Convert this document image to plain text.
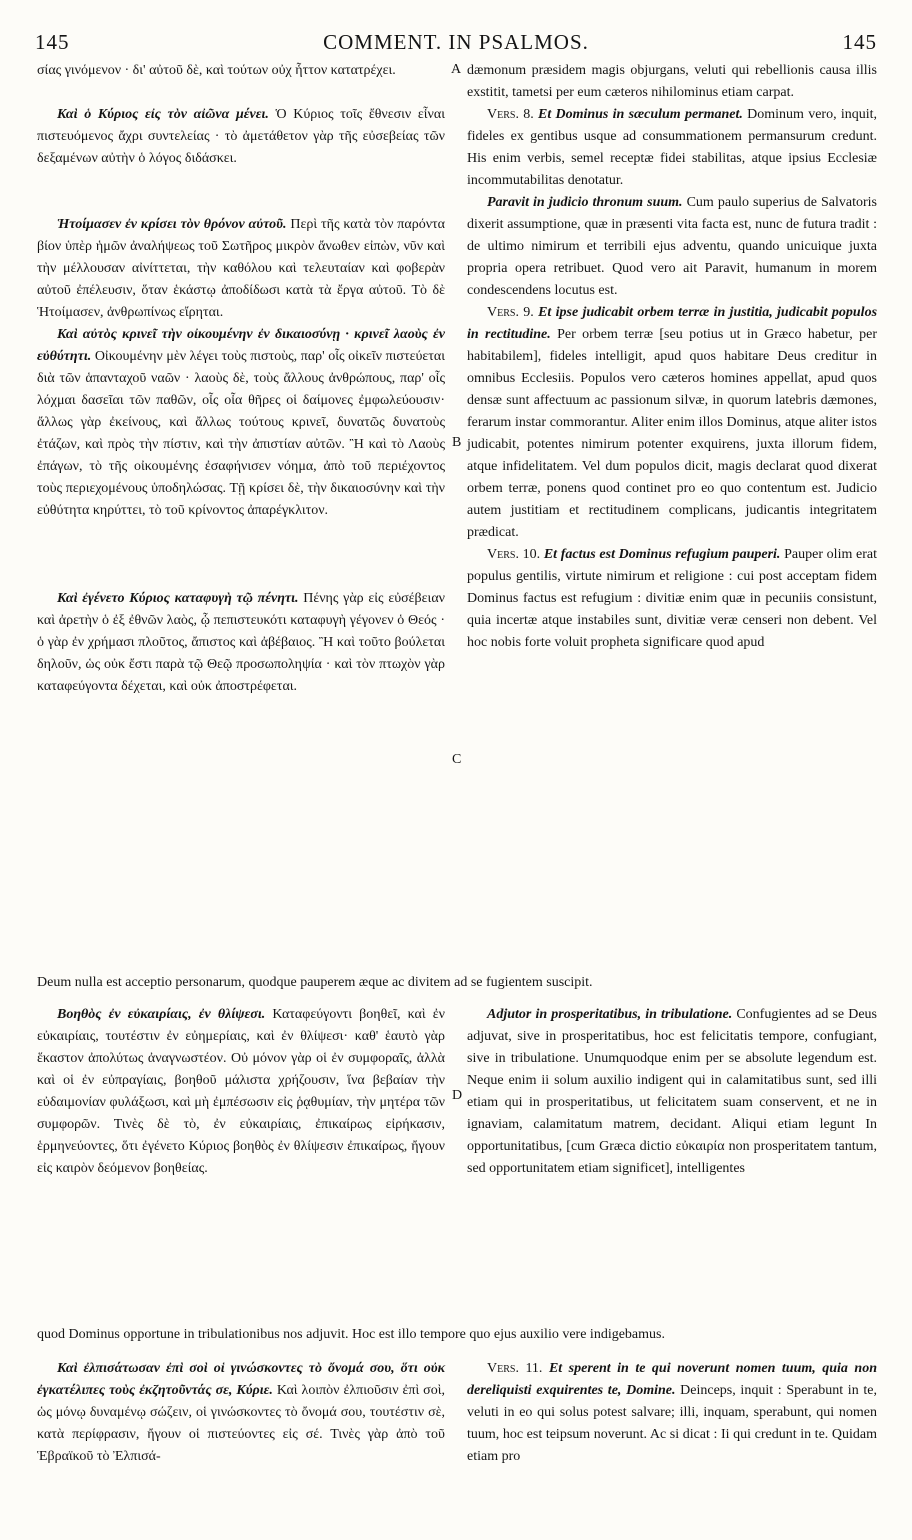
145	COMMENT. IN PSALMOS.	145
A
B
C
D

σίας γινόμενον · δι' αὐτοῦ δὲ, καὶ τούτων οὐχ ἧττον κατατρέχει.

Καὶ ὁ Κύριος εἰς τὸν αἰῶνα μένει. Ὁ Κύριος τοῖς ἔθνεσιν εἶναι πιστευόμενος ἄχρι συντελείας · τὸ ἀμετάθετον γὰρ τῆς εὐσεβείας τῶν δεξαμένων αὐτὴν ὁ λόγος διδάσκει.

Ἡτοίμασεν ἐν κρίσει τὸν θρόνον αὐτοῦ. Περὶ τῆς κατὰ τὸν παρόντα βίον ὑπὲρ ἡμῶν ἀναλήψεως τοῦ Σωτῆρος μικρὸν ἄνωθεν εἰπὼν, νῦν καὶ τὴν μέλλουσαν αἰνίττεται, τὴν καθόλου καὶ τελευταίαν καὶ φοβερὰν αὐτοῦ ἐπέλευσιν, ὅταν ἑκάστῳ ἀποδίδωσι κατὰ τὰ ἔργα αὐτοῦ. Τὸ δὲ Ἡτοίμασεν, ἀνθρωπίνως εἴρηται.

Καὶ αὐτὸς κρινεῖ τὴν οἰκουμένην ἐν δικαιοσύνῃ · κρινεῖ λαοὺς ἐν εὐθύτητι. Οἰκουμένην μὲν λέγει τοὺς πιστοὺς, παρ' οἷς οἰκεῖν πιστεύεται διὰ τῶν ἁπανταχοῦ ναῶν · λαοὺς δὲ, τοὺς ἄλλους ἀνθρώπους, παρ' οἷς λόχμαι δασεῖαι τῶν παθῶν, οἷς οἷα θῆρες οἱ δαίμονες ἐμφωλεύουσιν· ἄλλως γὰρ ἐκείνους, καὶ ἄλλως τούτους κρινεῖ, δυνατῶς δυνατοὺς ἐτάζων, καὶ πρὸς τὴν πίστιν, καὶ τὴν ἀπιστίαν αὐτῶν. Ἢ καὶ τὸ Λαοὺς ἐπάγων, τὸ τῆς οἰκουμένης ἐσαφήνισεν νόημα, ἀπὸ τοῦ περιέχοντος τοὺς περιεχομένους ὑποδηλώσας. Τῇ κρίσει δὲ, τὴν δικαιοσύνην καὶ τὴν εὐθύτητα κηρύττει, τὸ τοῦ κρίνοντος ἀπαρέγκλιτον.

Καὶ ἐγένετο Κύριος καταφυγὴ τῷ πένητι. Πένης γὰρ εἰς εὐσέβειαν καὶ ἀρετὴν ὁ ἐξ ἐθνῶν λαὸς, ᾧ πεπιστευκότι καταφυγὴ γέγονεν ὁ Θεός · ὁ γὰρ ἐν χρήμασι πλοῦτος, ἄπιστος καὶ ἀβέβαιος. Ἢ καὶ τοῦτο βούλεται δηλοῦν, ὡς οὐκ ἔστι παρὰ τῷ Θεῷ προσωποληψία · καὶ τὸν πτωχὸν γὰρ καταφεύγοντα δέχεται, καὶ οὐκ ἀποστρέφεται.

dæmonum præsidem magis objurgans, veluti qui rebellionis causa illis exstitit, tametsi per eum cæteros nihilominus etiam carpat.

Vers. 8. Et Dominus in sæculum permanet. Dominum vero, inquit, fideles ex gentibus usque ad consummationem permansurum credunt. His enim verbis, semel receptæ fidei stabilitas, atque ipsius Ecclesiæ incommutabilitas denotatur.

Paravit in judicio thronum suum. Cum paulo superius de Salvatoris dixerit assumptione, quæ in præsenti vita facta est, nunc de futura tradit : de ultimo nimirum et terribili ejus adventu, quando unicuique juxta propria opera retribuet. Quod vero ait Paravit, humanum in morem condescendens locutus est.

Vers. 9. Et ipse judicabit orbem terræ in justitia, judicabit populos in rectitudine. Per orbem terræ [seu potius ut in Græco habetur, per habitabilem], fideles intelligit, apud quos habitare Deus creditur in omnibus Ecclesiis. Populos vero cæteros homines appellat, apud quos densæ sunt affectuum ac passionum silvæ, in quorum latebris dæmones, ferarum instar commorantur. Aliter enim illos Dominus, atque aliter istos judicabit, potentes nimirum potenter exquirens, juxta illorum fidem, atque infidelitatem. Vel dum populos dicit, magis declarat quod dixerat orbem terræ, ponens quod continet pro eo quo contentum est. Judicio autem justitiam et rectitudinem complicans, judicantis integritatem prædicat.

Vers. 10. Et factus est Dominus refugium pauperi. Pauper olim erat populus gentilis, virtute nimirum et religione : cui post acceptam fidem Dominus factus est refugium : divitiæ enim quæ in pecuniis consistunt, quia incertæ atque instabiles sunt, divitiæ veræ censeri non debent. Vel hoc nobis forte voluit propheta significare quod apud

Deum nulla est acceptio personarum, quodque pauperem æque ac divitem ad se fugientem suscipit.

Βοηθὸς ἐν εὐκαιρίαις, ἐν θλίψεσι. Καταφεύγοντι βοηθεῖ, καὶ ἐν εὐκαιρίαις, τουτέστιν ἐν εὐημερίαις, καὶ ἐν θλίψεσι· καθ' ἑαυτὸ γὰρ ἕκαστον ἀπολύτως ἀναγνωστέον. Οὐ μόνον γὰρ οἱ ἐν συμφοραῖς, ἀλλὰ καὶ οἱ ἐν εὐπραγίαις, βοηθοῦ μάλιστα χρήζουσιν, ἵνα βεβαίαν τὴν εὐδαιμονίαν φυλάξωσι, καὶ μὴ ἐμπέσωσιν εἰς ῥᾳθυμίαν, τὴν μητέρα τῶν συμφορῶν. Τινὲς δὲ τὸ, ἐν εὐκαιρίαις, ἐπικαίρως εἰρήκασιν, ἑρμηνεύοντες, ὅτι ἐγένετο Κύριος βοηθὸς ἐν θλίψεσιν ἐπικαίρως, ἤγουν εἰς καιρὸν δεόμενον βοηθείας.

Adjutor in prosperitatibus, in tribulatione. Confugientes ad se Deus adjuvat, sive in prosperitatibus, hoc est felicitatis tempore, confugiant, sive in tribulatione. Unumquodque enim per se absolute legendum est. Neque enim ii solum auxilio indigent qui in calamitatibus sunt, sed illi etiam qui in prosperitatibus, ut felicitatem suam conservent, et ne in ignaviam, calamitatum matrem, decidant. Aliqui etiam legunt In opportunitatibus, [cum Græca dictio εὐκαιρία non prosperitatem tantum, sed opportunitatem etiam significet], intelligentes

quod Dominus opportune in tribulationibus nos adjuvit. Hoc est illo tempore quo ejus auxilio vere indigebamus.

Καὶ ἐλπισάτωσαν ἐπὶ σοὶ οἱ γινώσκοντες τὸ ὄνομά σου, ὅτι οὐκ ἐγκατέλιπες τοὺς ἐκζητοῦντάς σε, Κύριε. Καὶ λοιπὸν ἐλπιοῦσιν ἐπὶ σοὶ, ὡς μόνῳ δυναμένῳ σώζειν, οἱ γινώσκοντες τὸ ὄνομά σου, τουτέστιν σὲ, κατὰ περίφρασιν, ἤγουν οἱ πιστεύοντες εἰς σέ. Τινὲς γὰρ ἀπὸ τοῦ Ἑβραϊκοῦ τὸ Ἐλπισά-

Vers. 11. Et sperent in te qui noverunt nomen tuum, quia non dereliquisti exquirentes te, Domine. Deinceps, inquit : Sperabunt in te, veluti in eo qui solus potest salvare; illi, inquam, sperabunt, qui nomen tuum, hoc est teipsum noverunt. Ac si dicat : Ii qui credunt in te. Quidam etiam pro
